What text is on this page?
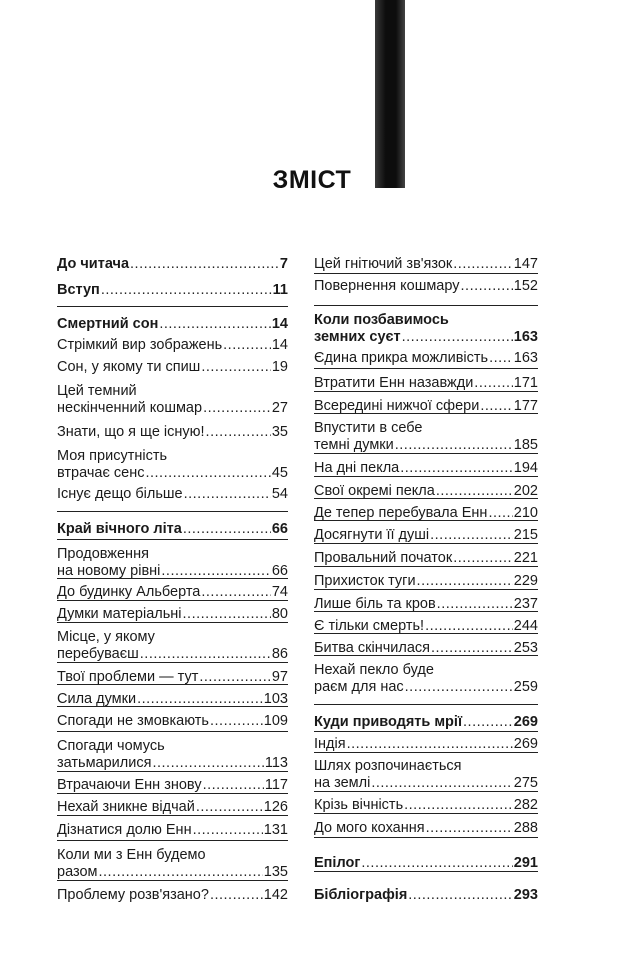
ЗМІСТ
До читача .....	7
Вступ .....	11
Смертний сон .....	14
Стрімкий вир зображень .....	14
Сон, у якому ти спиш .....	19
Цей темний
нескінченний кошмар .....	27
Знати, що я ще існую! .....	35
Моя присутність
втрачає сенс .....	45
Існує дещо більше .....	54
Край вічного літа .....	66
Продовження
на новому рівні .....	66
До будинку Альберта .....	74
Думки матеріальні .....	80
Місце, у якому
перебуваєш .....	86
Твої проблеми — тут .....	97
Сила думки .....	103
Спогади не змовкають .....	109
Спогади чомусь
затьмарилися .....	113
Втрачаючи Енн знову .....	117
Нехай зникне відчай .....	126
Дізнатися долю Енн .....	131
Коли ми з Енн будемо
разом .....	135
Проблему розв'язано? .....	142
Цей гнітючий зв'язок .....	147
Повернення кошмару .....	152
Коли позбавимось
земних суєт .....	163
Єдина прикра можливість ..... 163
Втратити Енн назавжди .....	171
Всередині нижчої сфери ..... 177
Впустити в себе
темні думки .....	185
На дні пекла .....	194
Свої окремі пекла .....	202
Де тепер перебувала Енн ..... 210
Досягнути її душі .....	215
Провальний початок .....	221
Прихисток туги .....	229
Лише біль та кров .....	237
Є тільки смерть! .....	244
Битва скінчилася .....	253
Нехай пекло буде
раєм для нас .....	259
Куди приводять мрії .....	269
Індія .....	269
Шлях розпочинається
на землі .....	275
Крізь вічність .....	282
До мого кохання .....	288
Епілог .....	291
Бібліографія .....	293
